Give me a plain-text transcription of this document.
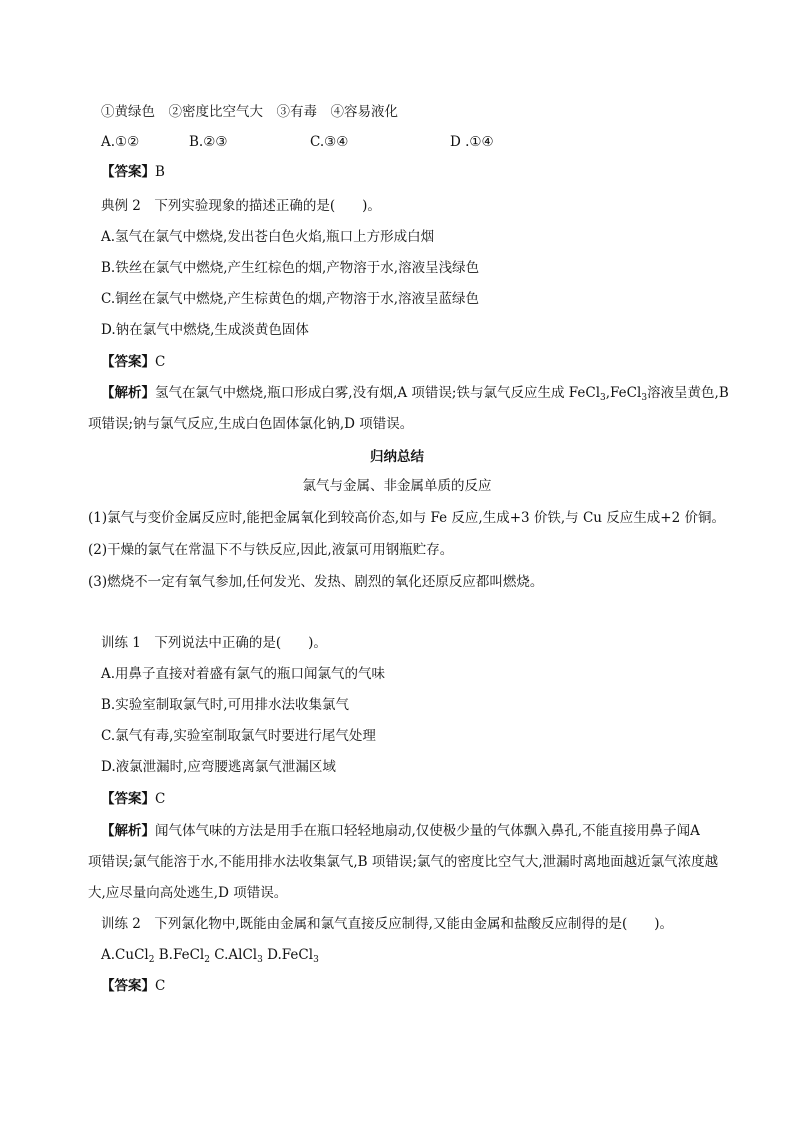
①黄绿色　②密度比空气大　③有毒　④容易液化
A.①②	B.②③	C.③④	D .①④
【答案】B
典例 2　下列实验现象的描述正确的是(　　)。
A.氢气在氯气中燃烧,发出苍白色火焰,瓶口上方形成白烟
B.铁丝在氯气中燃烧,产生红棕色的烟,产物溶于水,溶液呈浅绿色
C.铜丝在氯气中燃烧,产生棕黄色的烟,产物溶于水,溶液呈蓝绿色
D.钠在氯气中燃烧,生成淡黄色固体
【答案】C
【解析】氢气在氯气中燃烧,瓶口形成白雾,没有烟,A 项错误;铁与氯气反应生成 FeCl$_3$,FeCl$_3$溶液呈黄色,B
项错误;钠与氯气反应,生成白色固体氯化钠,D 项错误。
归纳总结
氯气与金属、非金属单质的反应
(1)氯气与变价金属反应时,能把金属氧化到较高价态,如与 Fe 反应,生成+3 价铁,与 Cu 反应生成+2 价铜。
(2)干燥的氯气在常温下不与铁反应,因此,液氯可用钢瓶贮存。
(3)燃烧不一定有氧气参加,任何发光、发热、剧烈的氧化还原反应都叫燃烧。
训练 1　下列说法中正确的是(　　)。
A.用鼻子直接对着盛有氯气的瓶口闻氯气的气味
B.实验室制取氯气时,可用排水法收集氯气
C.氯气有毒,实验室制取氯气时要进行尾气处理
D.液氯泄漏时,应弯腰逃离氯气泄漏区域
【答案】C
【解析】闻气体气味的方法是用手在瓶口轻轻地扇动,仅使极少量的气体飘入鼻孔,不能直接用鼻子闻A
项错误;氯气能溶于水,不能用排水法收集氯气,B 项错误;氯气的密度比空气大,泄漏时离地面越近氯气浓度越
大,应尽量向高处逃生,D 项错误。
训练 2　下列氯化物中,既能由金属和氯气直接反应制得,又能由金属和盐酸反应制得的是(　　)。
A.CuCl$_2$ B.FeCl$_2$ C.AlCl$_3$ D.FeCl$_3$
【答案】C
